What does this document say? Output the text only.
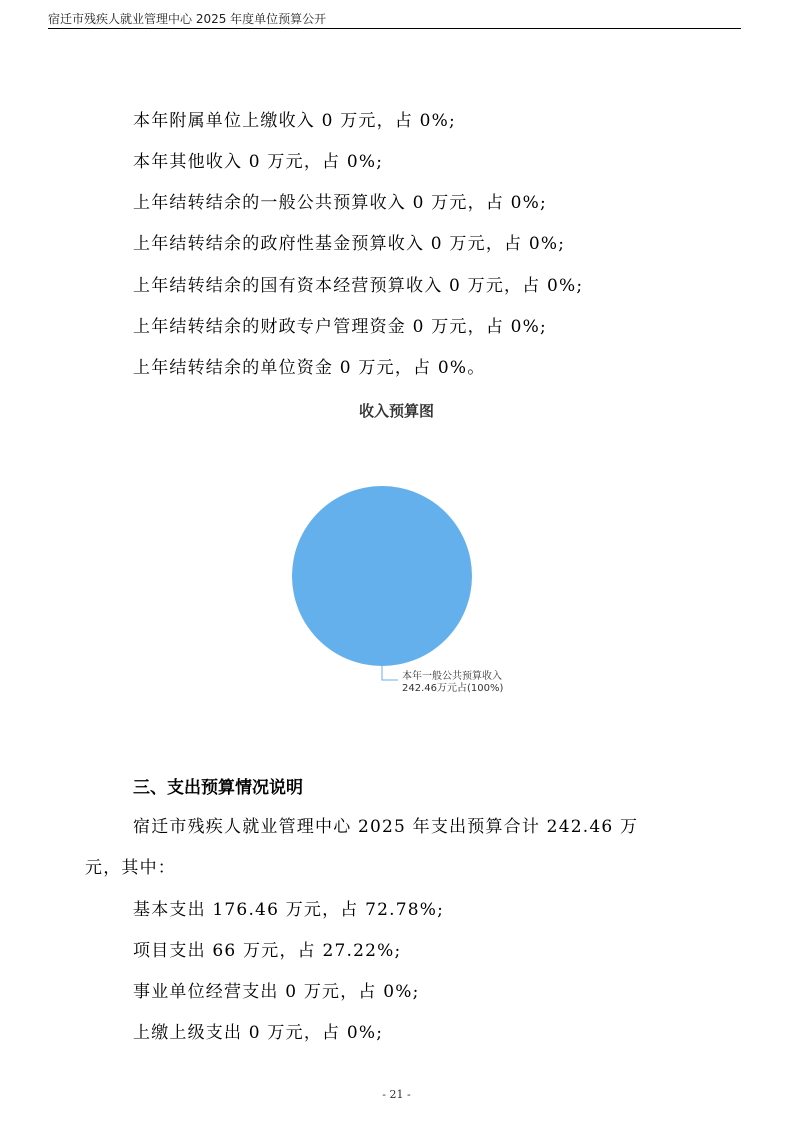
宿迁市残疾人就业管理中心 2025 年度单位预算公开
本年附属单位上缴收入 0 万元，占 0%;
本年其他收入 0 万元，占 0%;
上年结转结余的一般公共预算收入 0 万元，占 0%;
上年结转结余的政府性基金预算收入 0 万元，占 0%;
上年结转结余的国有资本经营预算收入 0 万元，占 0%;
上年结转结余的财政专户管理资金 0 万元，占 0%;
上年结转结余的单位资金 0 万元，占 0%。
收入预算图
本年一般公共预算收入
242.46万元占(100%)
三、支出预算情况说明
宿迁市残疾人就业管理中心 2025 年支出预算合计 242.46 万
元，其中：
基本支出 176.46 万元，占 72.78%;
项目支出 66 万元，占 27.22%;
事业单位经营支出 0 万元，占 0%;
上缴上级支出 0 万元，占 0%;
- 21 -
